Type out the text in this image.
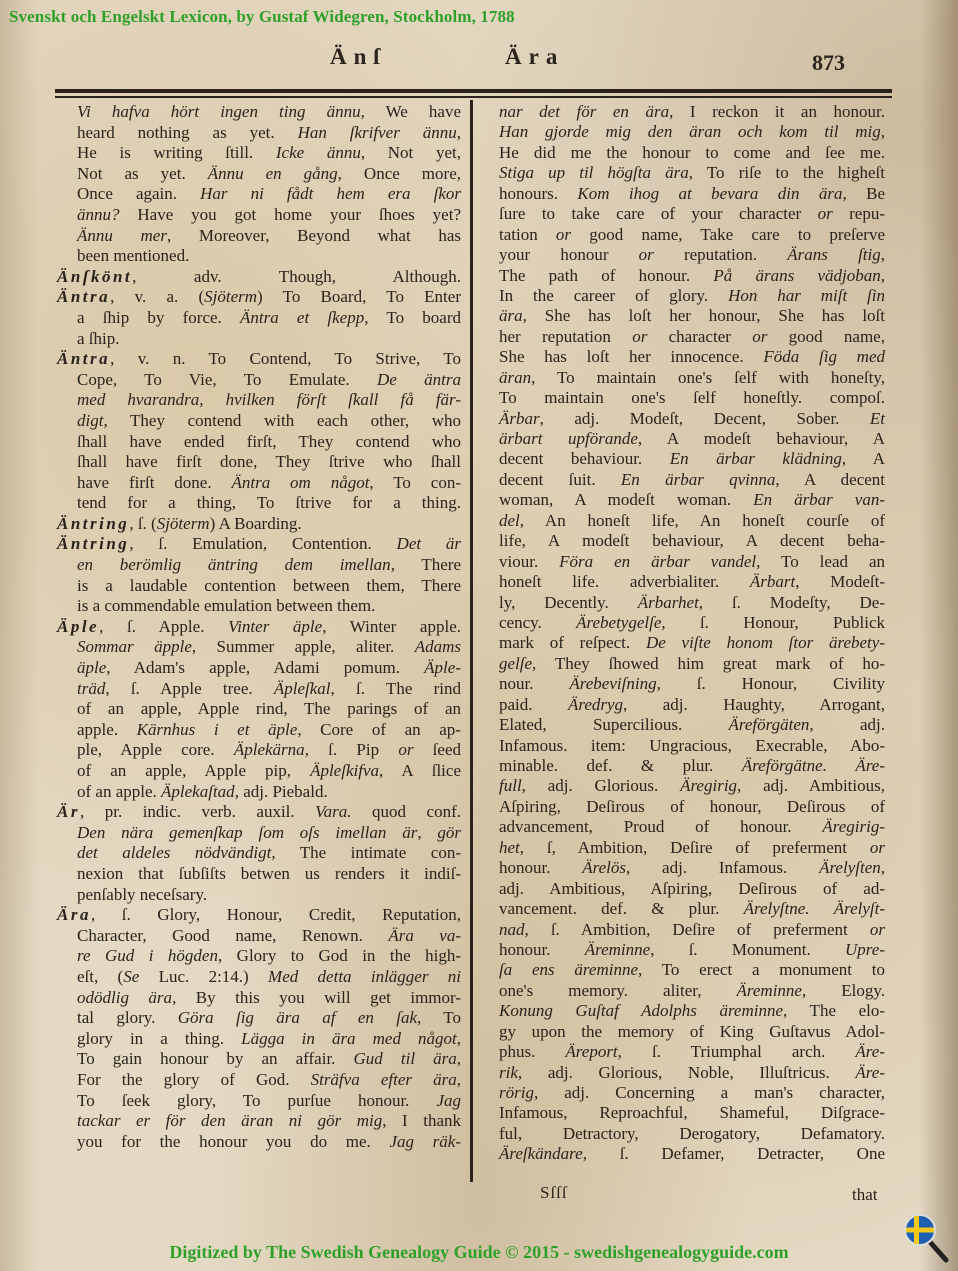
Svenskt och Engelskt Lexicon, by Gustaf Widegren, Stockholm, 1788
Änſ	Ära	873
Vi hafva hört ingen ting ännu, We have
heard nothing as yet. Han ſkrifver ännu,
He is writing ſtill. Icke ännu, Not yet,
Not as yet. Ännu en gång, Once more,
Once again. Har ni fådt hem era ſkor
ännu? Have you got home your ſhoes yet?
Ännu mer, Moreover, Beyond what has
been mentioned.
Änſkönt, adv. Though, Although.
Äntra, v. a. (Sjöterm) To Board, To Enter
a ſhip by force. Äntra et ſkepp, To board
a ſhip.
Äntra, v. n. To Contend, To Strive, To
Cope, To Vie, To Emulate. De äntra
med hvarandra, hvilken förſt ſkall få fär-
digt, They contend with each other, who
ſhall have ended firſt, They contend who
ſhall have firſt done, They ſtrive who ſhall
have firſt done. Äntra om något, To con-
tend for a thing, To ſtrive for a thing.
Äntring, ſ. (Sjöterm) A Boarding.
Äntring, ſ. Emulation, Contention. Det är
en berömlig äntring dem imellan, There
is a laudable contention between them, There
is a commendable emulation between them.
Äple, ſ. Apple. Vinter äple, Winter apple.
Sommar äpple, Summer apple, aliter. Adams
äple, Adam's apple, Adami pomum. Äple-
träd, ſ. Apple tree. Äpleſkal, ſ. The rind
of an apple, Apple rind, The parings of an
apple. Kärnhus i et äple, Core of an ap-
ple, Apple core. Äplekärna, ſ. Pip or ſeed
of an apple, Apple pip, Äpleſkifva, A ſlice
of an apple. Äplekaſtad, adj. Piebald.
Är, pr. indic. verb. auxil. Vara. quod conf.
Den nära gemenſkap ſom oſs imellan är, gör
det aldeles nödvändigt, The intimate con-
nexion that ſubſiſts betwen us renders it indiſ-
penſably neceſsary.
Ära, ſ. Glory, Honour, Credit, Reputation,
Character, Good name, Renown. Ära va-
re Gud i högden, Glory to God in the high-
eſt, (Se Luc. 2:14.) Med detta inlägger ni
odödlig ära, By this you will get immor-
tal glory. Göra ſig ära af en ſak, To
glory in a thing. Lägga in ära med något,
To gain honour by an affair. Gud til ära,
For the glory of God. Sträfva efter ära,
To ſeek glory, To purſue honour. Jag
tackar er för den äran ni gör mig, I thank
you for the honour you do me. Jag räk-
nar det för en ära, I reckon it an honour.
Han gjorde mig den äran och kom til mig,
He did me the honour to come and ſee me.
Stiga up til högſta ära, To riſe to the higheſt
honours. Kom ihog at bevara din ära, Be
ſure to take care of your character or repu-
tation or good name, Take care to preſerve
your honour or reputation. Ärans ſtig,
The path of honour. På ärans vädjoban,
In the career of glory. Hon har miſt ſin
ära, She has loſt her honour, She has loſt
her reputation or character or good name,
She has loſt her innocence. Föda ſig med
äran, To maintain one's ſelf with honeſty,
To maintain one's ſelf honeſtly. compoſ.
Ärbar, adj. Modeſt, Decent, Sober. Et
ärbart upförande, A modeſt behaviour, A
decent behaviour. En ärbar klädning, A
decent ſuit. En ärbar qvinna, A decent
woman, A modeſt woman. En ärbar van-
del, An honeſt life, An honeſt courſe of
life, A modeſt behaviour, A decent beha-
viour. Föra en ärbar vandel, To lead an
honeſt life. adverbialiter. Ärbart, Modeſt-
ly, Decently. Ärbarhet, ſ. Modeſty, De-
cency. Ärebetygelſe, ſ. Honour, Publick
mark of reſpect. De viſte honom ſtor ärebety-
gelſe, They ſhowed him great mark of ho-
nour. Ärebeviſning, ſ. Honour, Civility
paid. Äredryg, adj. Haughty, Arrogant,
Elated, Supercilious. Äreförgäten, adj.
Infamous. item: Ungracious, Execrable, Abo-
minable. def. & plur. Äreförgätne. Äre-
full, adj. Glorious. Äregirig, adj. Ambitious,
Aſpiring, Deſirous of honour, Deſirous of
advancement, Proud of honour. Äregirig-
het, ſ, Ambition, Deſire of preferment or
honour. Ärelös, adj. Infamous. Ärelyſten,
adj. Ambitious, Aſpiring, Deſirous of ad-
vancement. def. & plur. Ärelyſtne. Ärelyſt-
nad, ſ. Ambition, Deſire of preferment or
honour. Äreminne, ſ. Monument. Upre-
ſa ens äreminne, To erect a monument to
one's memory. aliter, Äreminne, Elogy.
Konung Guſtaf Adolphs äreminne, The elo-
gy upon the memory of King Guſtavus Adol-
phus. Äreport, ſ. Triumphal arch. Äre-
rik, adj. Glorious, Noble, Illuſtricus. Äre-
rörig, adj. Concerning a man's character,
Infamous, Reproachful, Shameful, Diſgrace-
ful, Detractory, Derogatory, Defamatory.
Äreſkändare, ſ. Defamer, Detracter, One
Sſſſ	that
Digitized by The Swedish Genealogy Guide © 2015 - swedishgenealogyguide.com
